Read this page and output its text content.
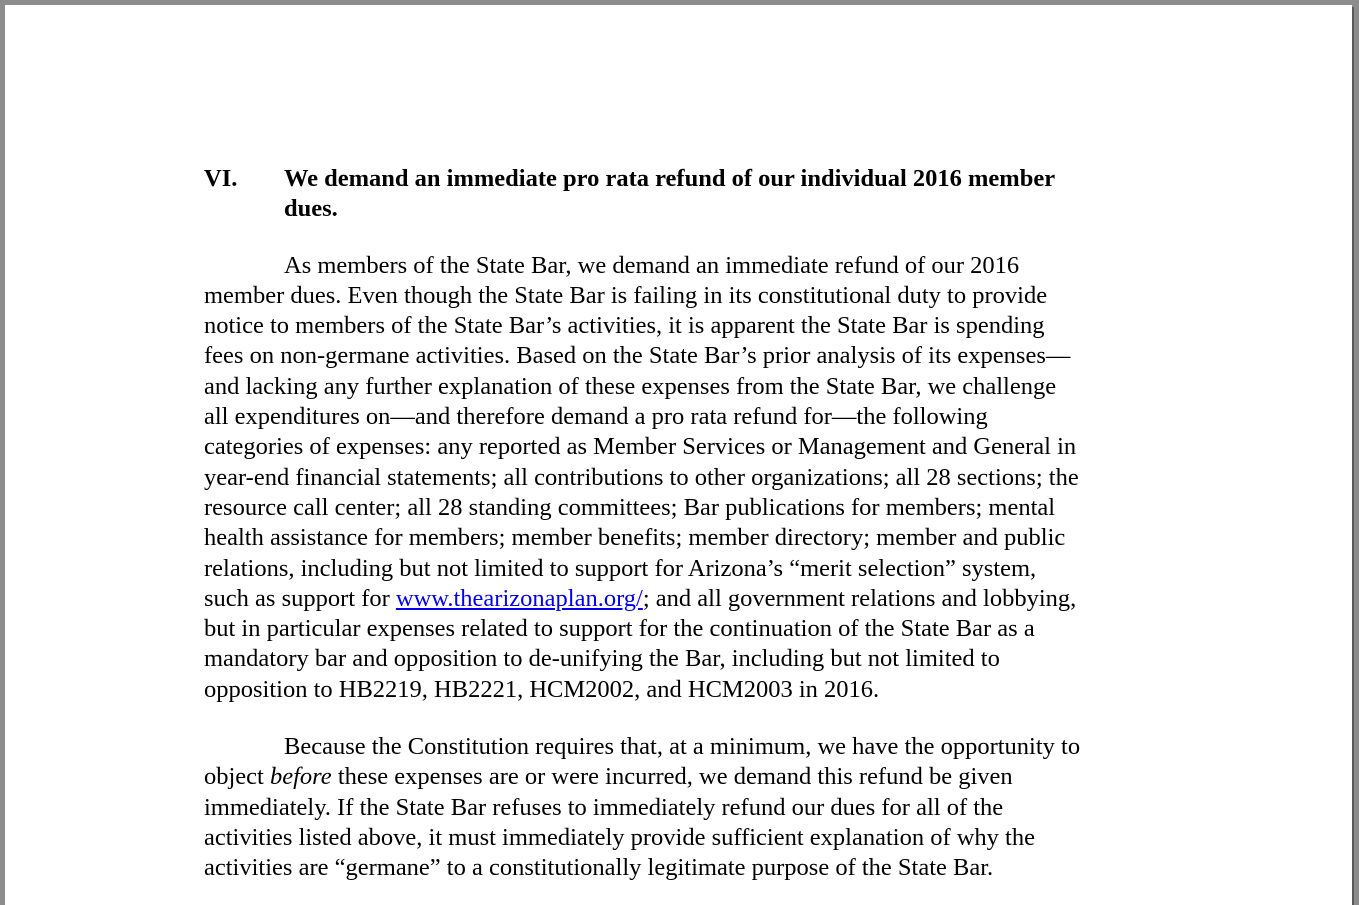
VI.	We demand an immediate pro rata refund of our individual 2016 member
dues.
As members of the State Bar, we demand an immediate refund of our 2016
member dues. Even though the State Bar is failing in its constitutional duty to provide
notice to members of the State Bar’s activities, it is apparent the State Bar is spending
fees on non-germane activities. Based on the State Bar’s prior analysis of its expenses—
and lacking any further explanation of these expenses from the State Bar, we challenge
all expenditures on—and therefore demand a pro rata refund for—the following
categories of expenses: any reported as Member Services or Management and General in
year-end financial statements; all contributions to other organizations; all 28 sections; the
resource call center; all 28 standing committees; Bar publications for members; mental
health assistance for members; member benefits; member directory; member and public
relations, including but not limited to support for Arizona’s “merit selection” system,
such as support for www.thearizonaplan.org/; and all government relations and lobbying,
but in particular expenses related to support for the continuation of the State Bar as a
mandatory bar and opposition to de-unifying the Bar, including but not limited to
opposition to HB2219, HB2221, HCM2002, and HCM2003 in 2016.
Because the Constitution requires that, at a minimum, we have the opportunity to
object before these expenses are or were incurred, we demand this refund be given
immediately. If the State Bar refuses to immediately refund our dues for all of the
activities listed above, it must immediately provide sufficient explanation of why the
activities are “germane” to a constitutionally legitimate purpose of the State Bar.
